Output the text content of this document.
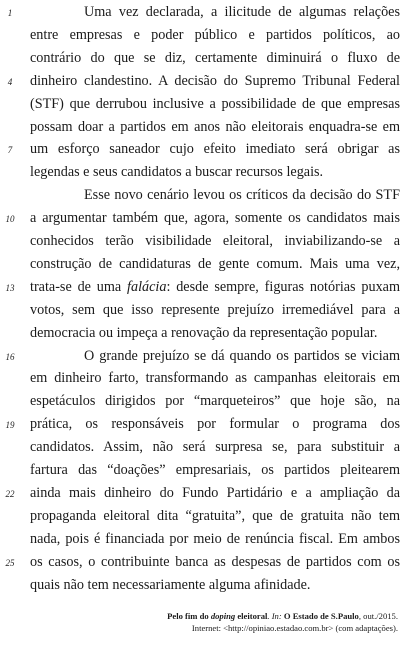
1	Uma vez declarada, a ilicitude de algumas relações
entre empresas e poder público e partidos políticos, ao
contrário do que se diz, certamente diminuirá o fluxo de
4	dinheiro clandestino. A decisão do Supremo Tribunal Federal
(STF) que derrubou inclusive a possibilidade de que empresas
possam doar a partidos em anos não eleitorais enquadra-se em
7	um esforço saneador cujo efeito imediato será obrigar as
legendas e seus candidatos a buscar recursos legais.
Esse novo cenário levou os críticos da decisão do STF
10	a argumentar também que, agora, somente os candidatos mais
conhecidos terão visibilidade eleitoral, inviabilizando-se a
construção de candidaturas de gente comum. Mais uma vez,
13	trata-se de uma falácia: desde sempre, figuras notórias puxam
votos, sem que isso represente prejuízo irremediável para a
democracia ou impeça a renovação da representação popular.
16	O grande prejuízo se dá quando os partidos se viciam
em dinheiro farto, transformando as campanhas eleitorais em
espetáculos dirigidos por “marqueteiros” que hoje são, na
19	prática, os responsáveis por formular o programa dos
candidatos. Assim, não será surpresa se, para substituir a
fartura das “doações” empresariais, os partidos pleitearem
22	ainda mais dinheiro do Fundo Partidário e a ampliação da
propaganda eleitoral dita “gratuita”, que de gratuita não tem
nada, pois é financiada por meio de renúncia fiscal. Em ambos
25	os casos, o contribuinte banca as despesas de partidos com os
quais não tem necessariamente alguma afinidade.
Pelo fim do doping eleitoral. In: O Estado de S.Paulo, out./2015.
Internet: <http://opiniao.estadao.com.br> (com adaptações).
